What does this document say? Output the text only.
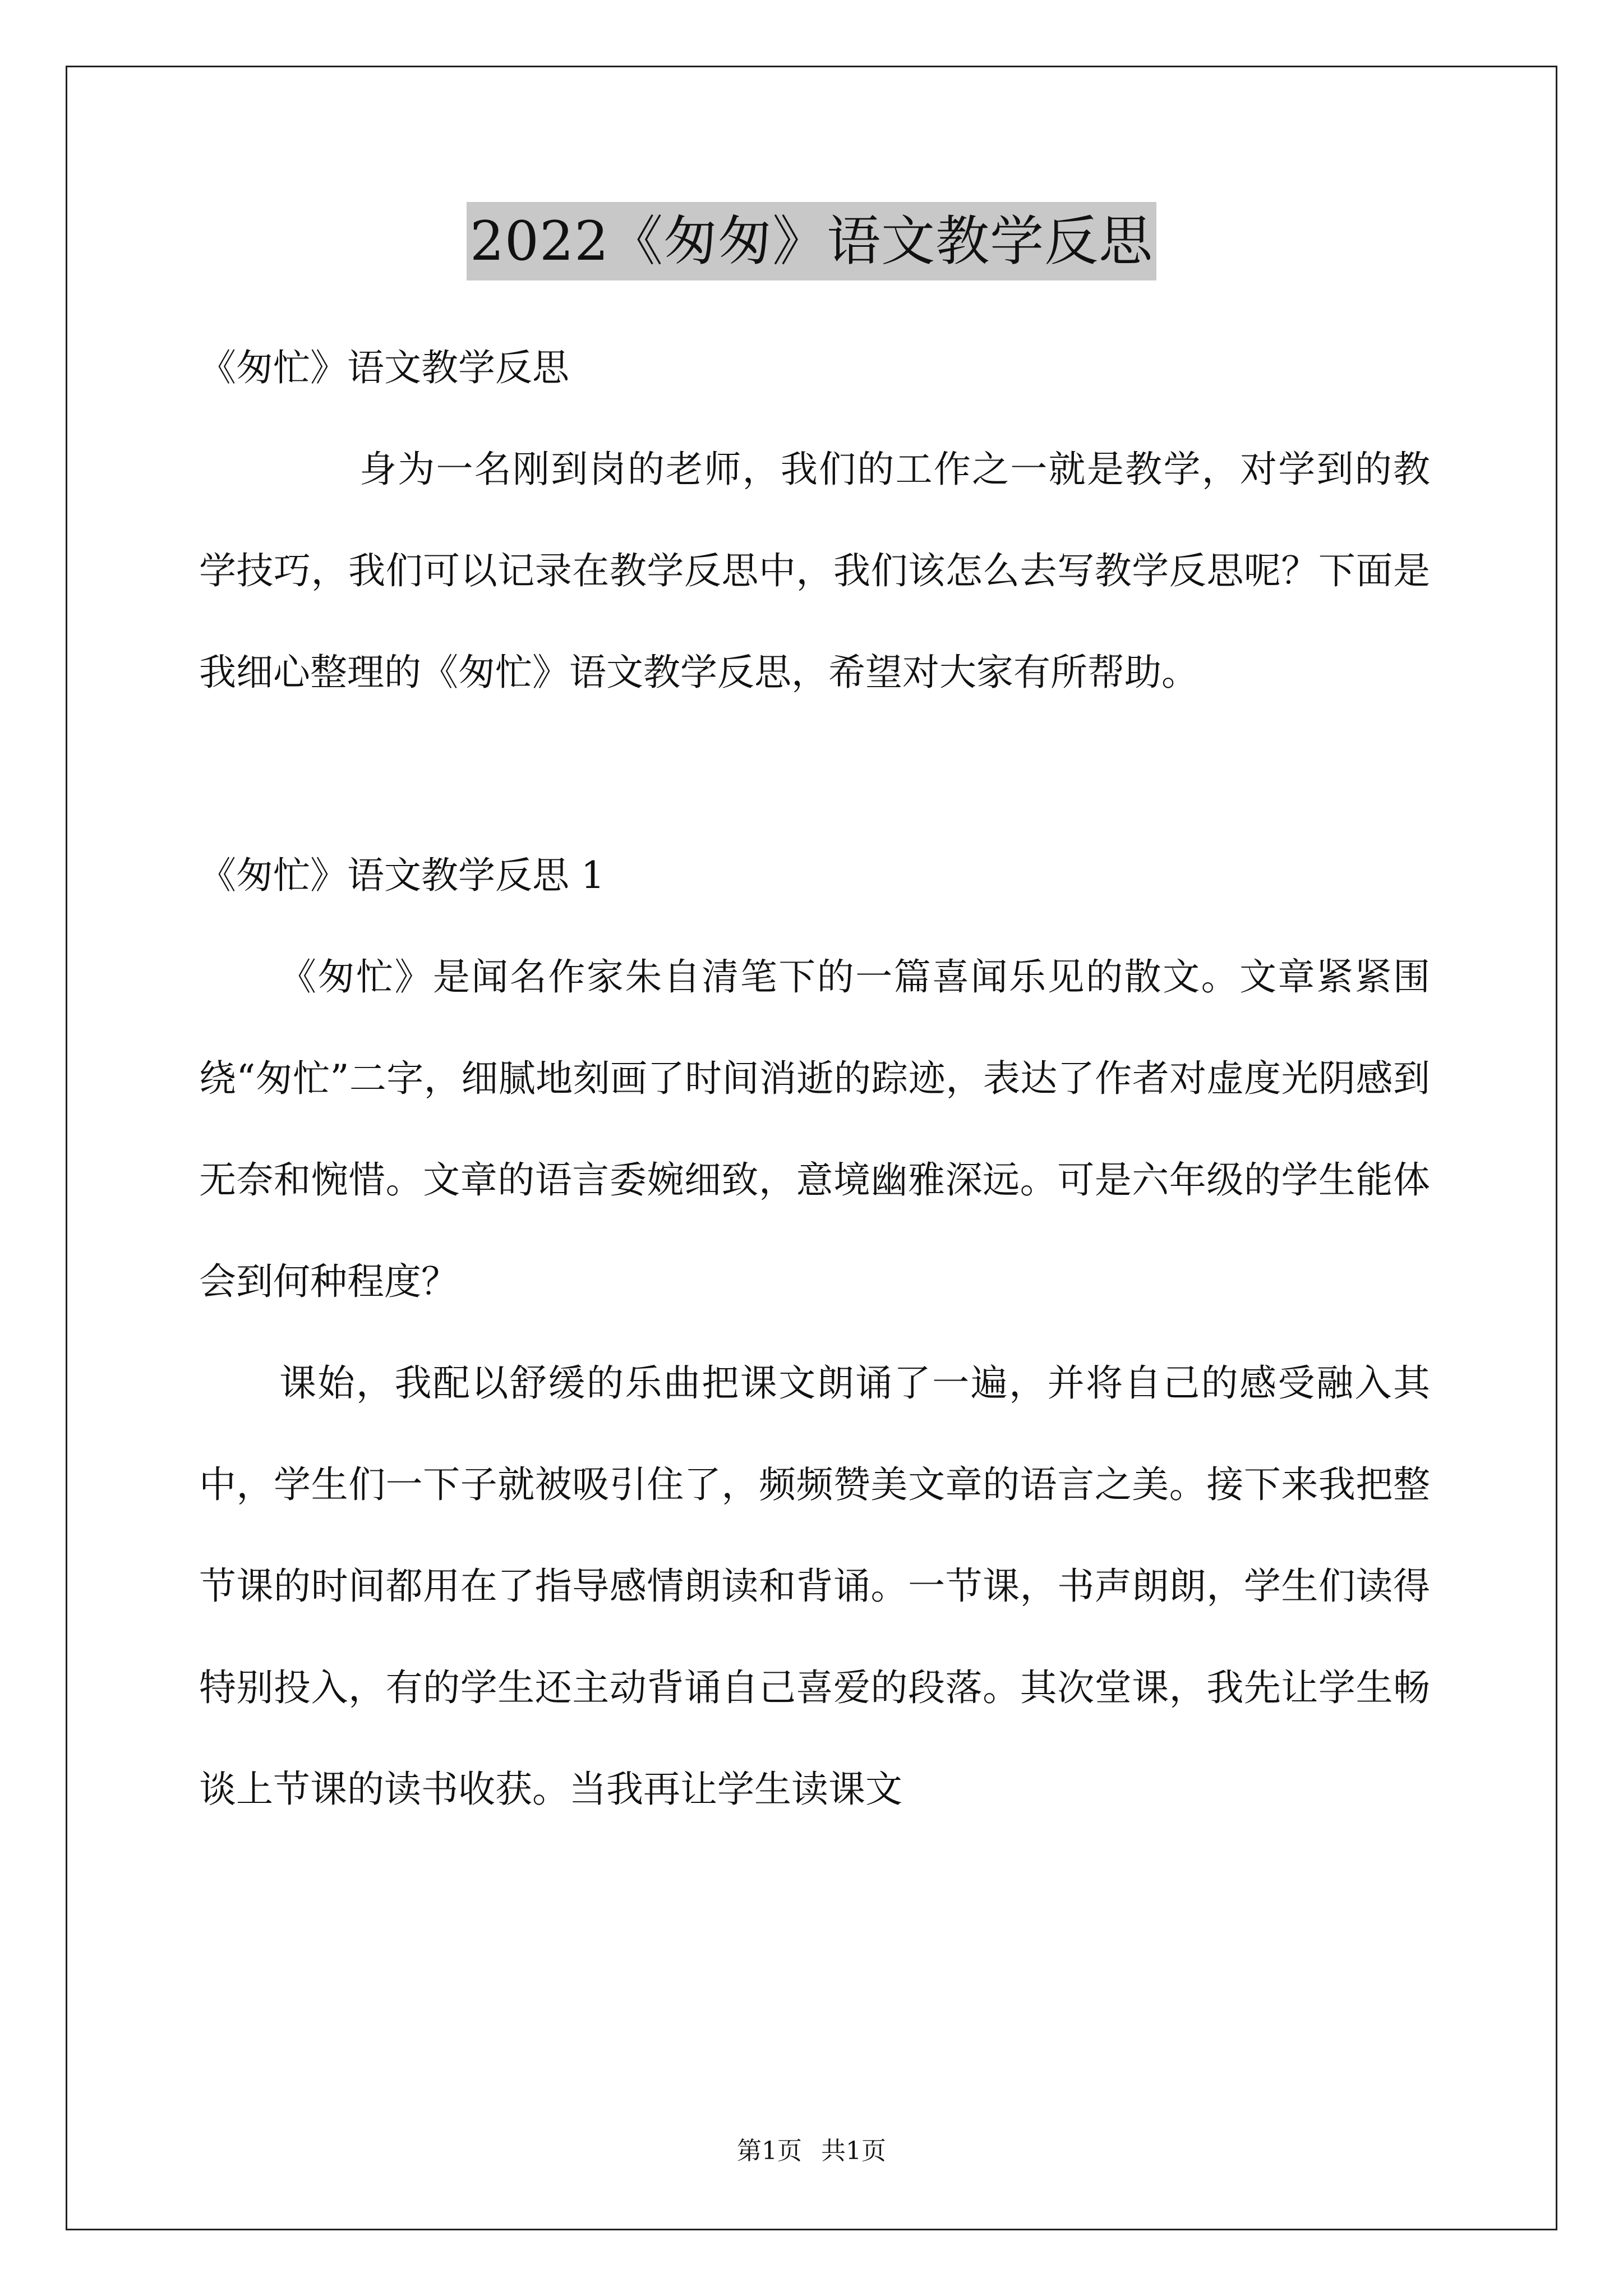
2022《匆匆》语文教学反思

《匆忙》语文教学反思

身为一名刚到岗的老师，我们的工作之一就是教学，对学到的教学技巧，我们可以记录在教学反思中，我们该怎么去写教学反思呢？下面是我细心整理的《匆忙》语文教学反思，希望对大家有所帮助。

《匆忙》语文教学反思 1

《匆忙》是闻名作家朱自清笔下的一篇喜闻乐见的散文。文章紧紧围绕“匆忙”二字，细腻地刻画了时间消逝的踪迹，表达了作者对虚度光阴感到无奈和惋惜。文章的语言委婉细致，意境幽雅深远。可是六年级的学生能体会到何种程度？

课始，我配以舒缓的乐曲把课文朗诵了一遍，并将自己的感受融入其中，学生们一下子就被吸引住了，频频赞美文章的语言之美。接下来我把整节课的时间都用在了指导感情朗读和背诵。一节课，书声朗朗，学生们读得特别投入，有的学生还主动背诵自己喜爱的段落。其次堂课，我先让学生畅谈上节课的读书收获。当我再让学生读课文

第1页 共1页
